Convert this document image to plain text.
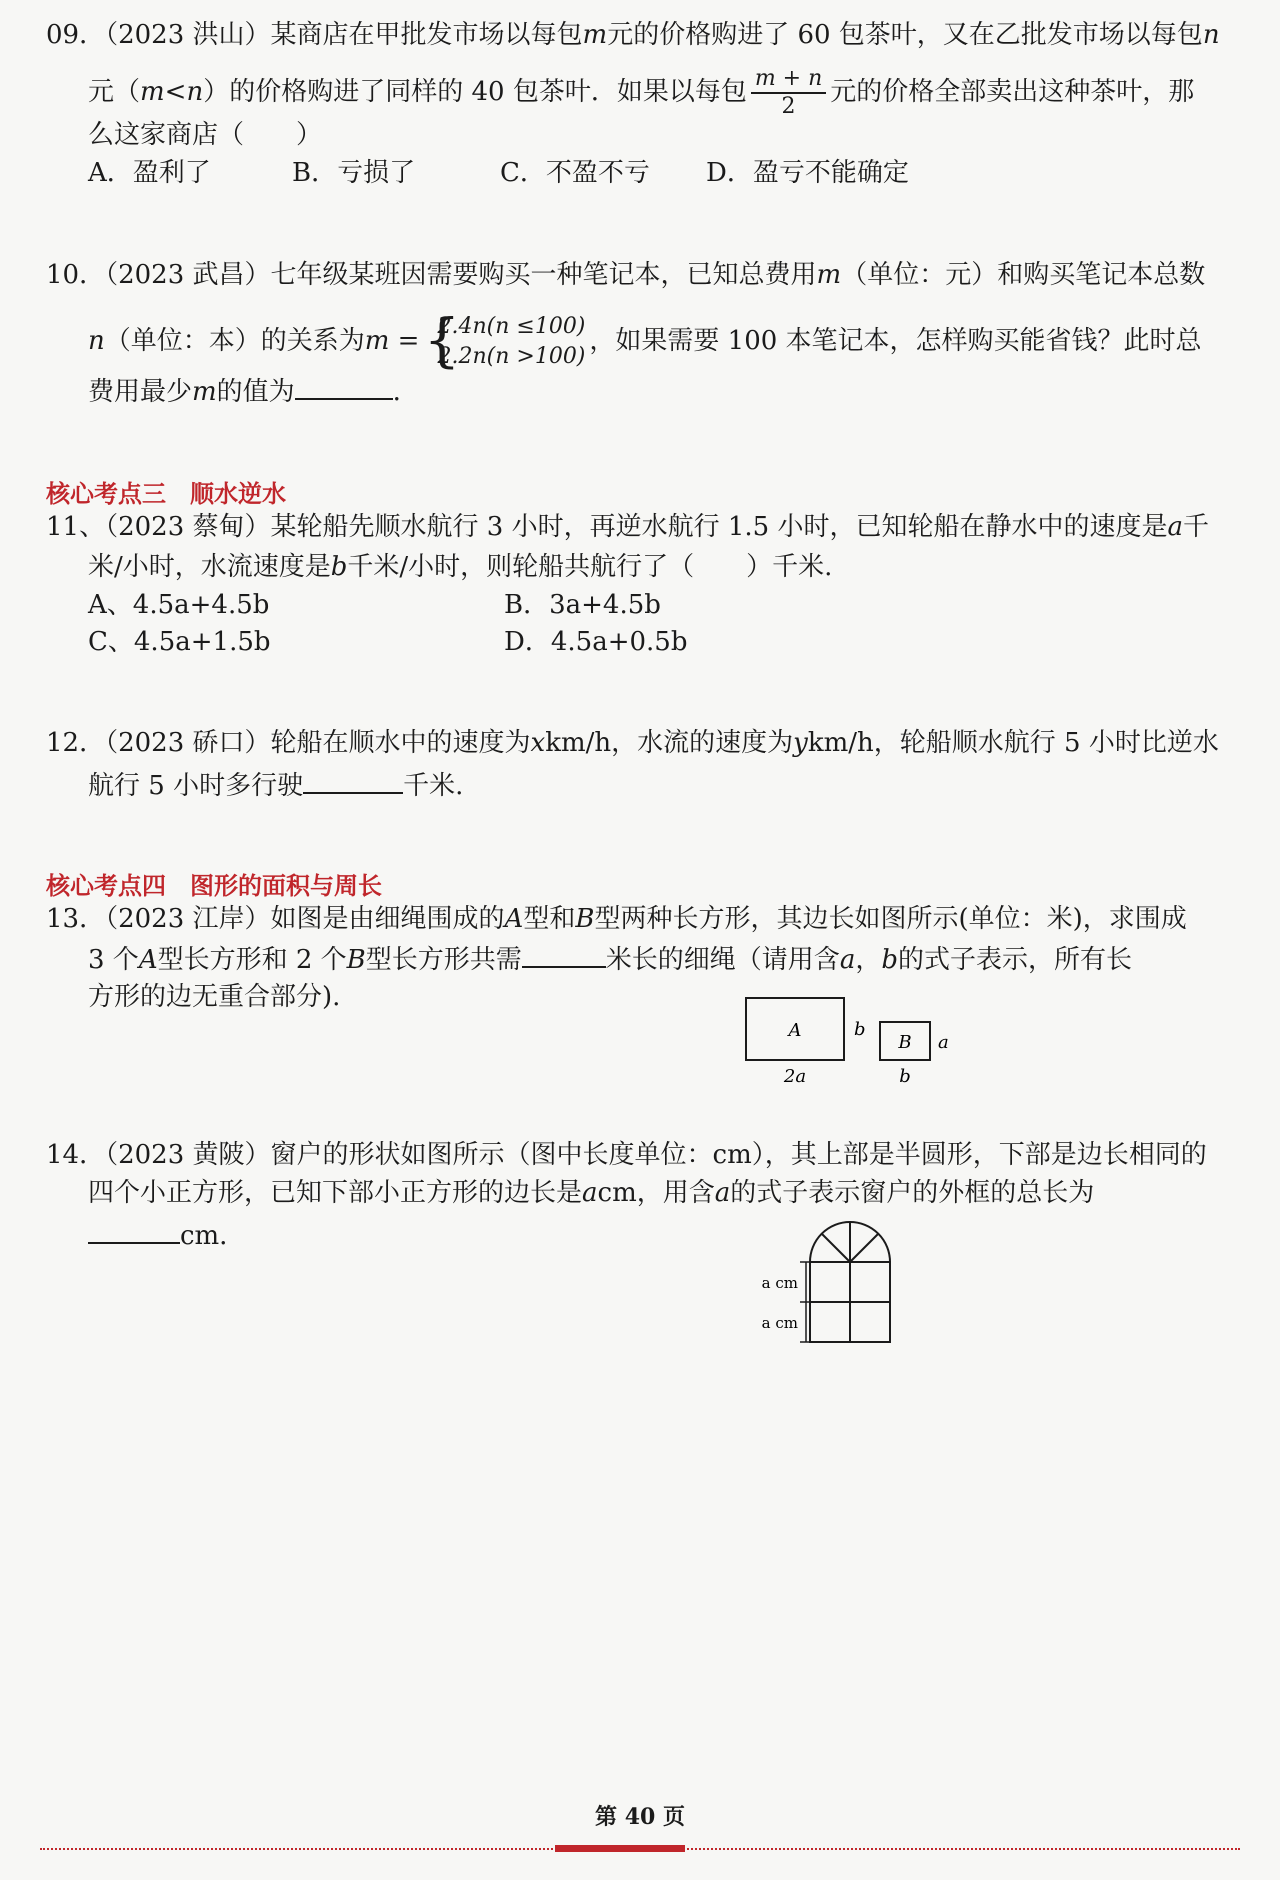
09．（2023 洪山）某商店在甲批发市场以每包m元的价格购进了 60 包茶叶，又在乙批发市场以每包n
元（m<n）的价格购进了同样的 40 包茶叶．如果以每包 $\frac{m + n}{2}$ 元的价格全部卖出这种茶叶，那
么这家商店（　　）
A．盈利了	B．亏损了	C．不盈不亏 D．盈亏不能确定
10．（2023 武昌）七年级某班因需要购买一种笔记本，已知总费用m（单位：元）和购买笔记本总数
n（单位：本）的关系为m = {
2.4n(n ≤100)
2.2n(n >100)
，如果需要 100 本笔记本，怎样购买能省钱？此时总
费用最少m的值为	．
核心考点三　顺水逆水
11、（2023 蔡甸）某轮船先顺水航行 3 小时，再逆水航行 1.5 小时，已知轮船在静水中的速度是a千
米/小时，水流速度是b千米/小时，则轮船共航行了（　　）千米.
A、4.5a+4.5b	B．3a+4.5b
C、4.5a+1.5b	D．4.5a+0.5b
12．（2023 硚口）轮船在顺水中的速度为xkm/h，水流的速度为ykm/h，轮船顺水航行 5 小时比逆水
航行 5 小时多行驶	千米.
核心考点四　图形的面积与周长
13．（2023 江岸）如图是由细绳围成的A型和B型两种长方形，其边长如图所示(单位：米)，求围成
3 个A型长方形和 2 个B型长方形共需	米长的细绳（请用含a，b的式子表示，所有长
方形的边无重合部分).
A	b
2a
B a
b
14．（2023 黄陂）窗户的形状如图所示（图中长度单位：cm），其上部是半圆形，下部是边长相同的
四个小正方形，已知下部小正方形的边长是acm，用含a的式子表示窗户的外框的总长为
cm．
a cm
a cm
第 40 页
